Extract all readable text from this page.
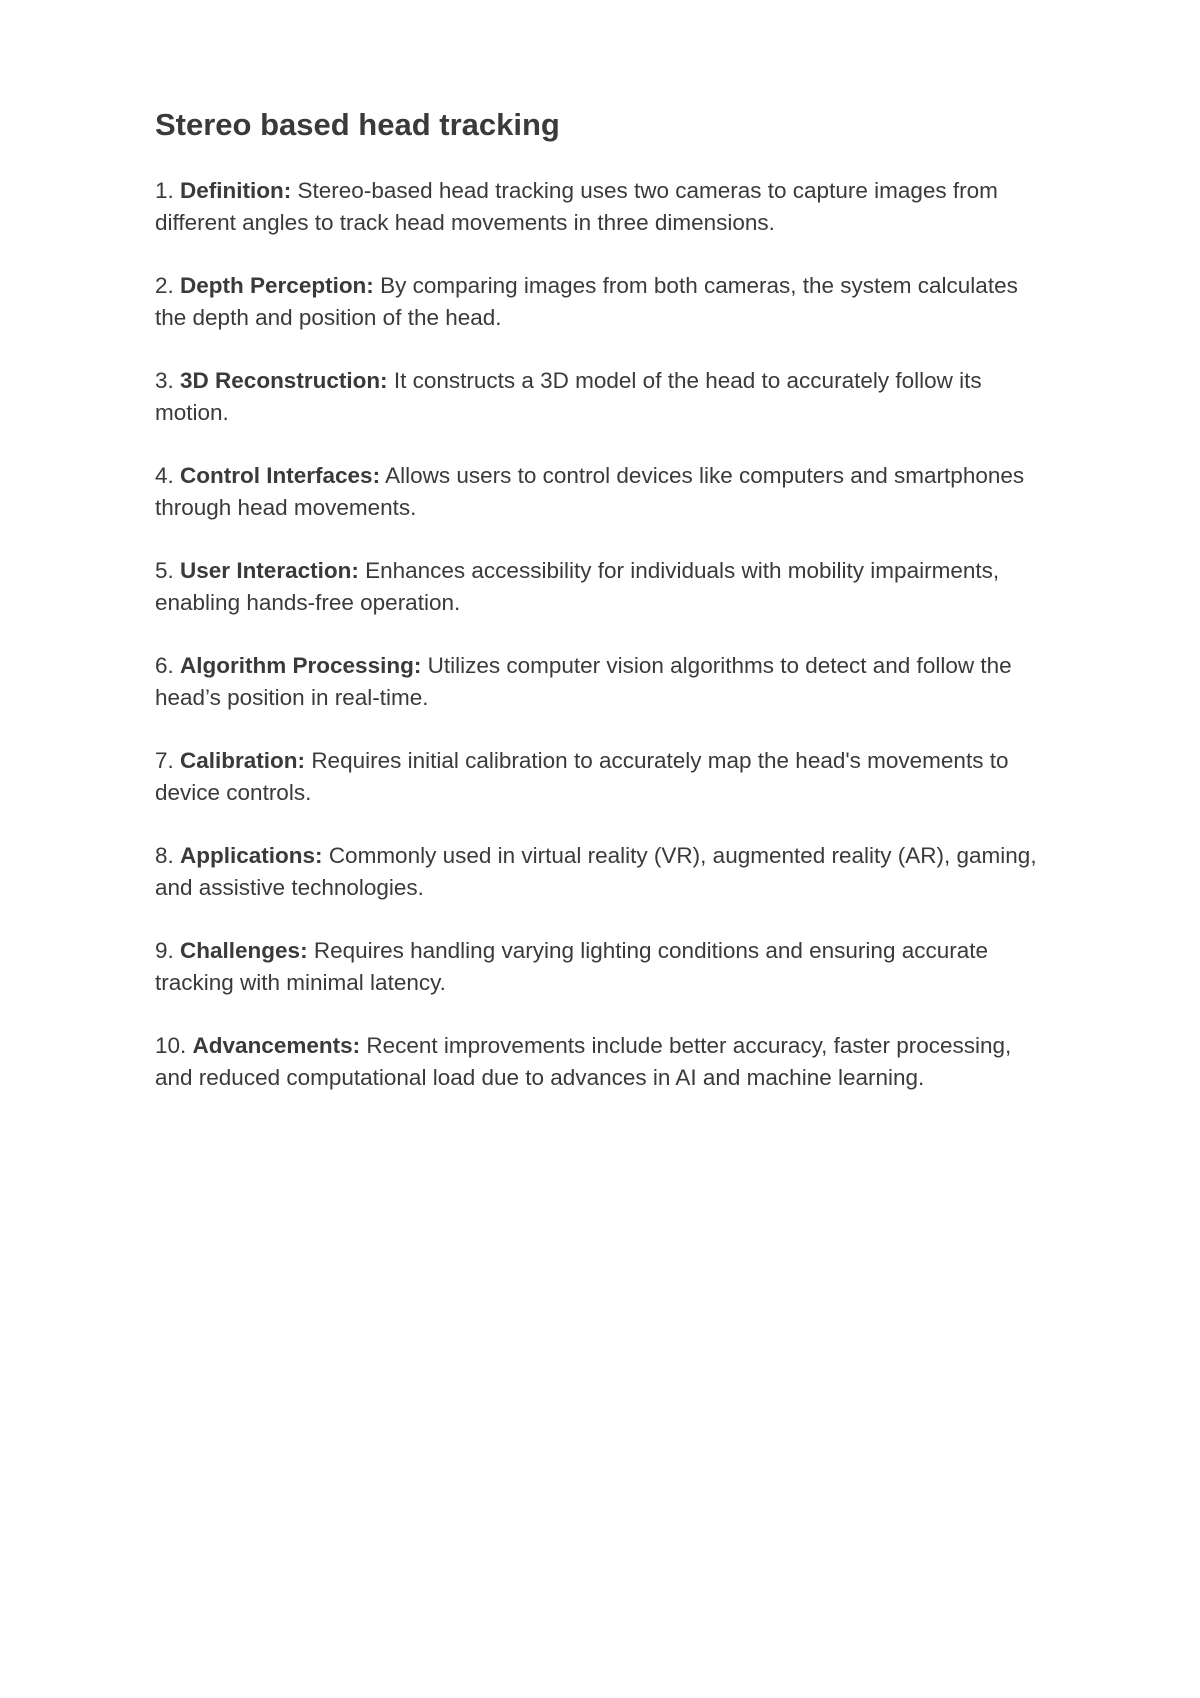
Stereo based head tracking
1. Definition: Stereo-based head tracking uses two cameras to capture images from different angles to track head movements in three dimensions.
2. Depth Perception: By comparing images from both cameras, the system calculates the depth and position of the head.
3. 3D Reconstruction: It constructs a 3D model of the head to accurately follow its motion.
4. Control Interfaces: Allows users to control devices like computers and smartphones through head movements.
5. User Interaction: Enhances accessibility for individuals with mobility impairments, enabling hands-free operation.
6. Algorithm Processing: Utilizes computer vision algorithms to detect and follow the head’s position in real-time.
7. Calibration: Requires initial calibration to accurately map the head's movements to device controls.
8. Applications: Commonly used in virtual reality (VR), augmented reality (AR), gaming, and assistive technologies.
9. Challenges: Requires handling varying lighting conditions and ensuring accurate tracking with minimal latency.
10. Advancements: Recent improvements include better accuracy, faster processing, and reduced computational load due to advances in AI and machine learning.
